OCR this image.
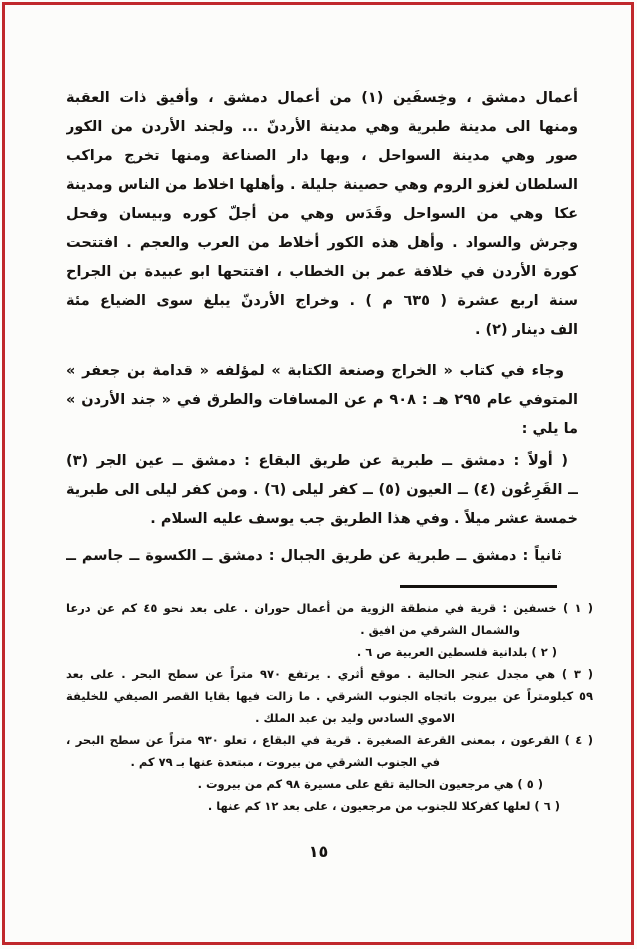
أعمال دمشق ، وخِسفَين (١) من أعمال دمشق ، وأفيق ذات العقبة
ومنها الى مدينة طبرية وهي مدينة الأردنّ ... ولجند الأردن من الكور
صور وهي مدينة السواحل ، وبها دار الصناعة ومنها تخرج مراكب
السلطان لغزو الروم وهي حصينة جليلة . وأهلها اخلاط من الناس ومدينة
عكا وهي من السواحل وقَدَس وهي من أجلّ كوره وبيسان وفحل
وجرش والسواد . وأهل هذه الكور أخلاط من العرب والعجم . افتتحت
كورة الأردن في خلافة عمر بن الخطاب ، افتتحها ابو عبيدة بن الجراح
سنة اربع عشرة ( ٦٣٥ م ) . وخراج الأردنّ يبلغ سوى الضياع مئة
الف دينار (٢) .
وجاء في كتاب « الخراج وصنعة الكتابة » لمؤلفه « قدامة بن جعفر »
المتوفي عام ٢٩٥ هـ : ٩٠٨ م عن المسافات والطرق في « جند الأردن »
ما يلي :
( أولاً : دمشق ــ طبرية عن طريق البقاع : دمشق ــ عين الجر (٣)
ــ القَرِعُون (٤) ــ العيون (٥) ــ كفر ليلى (٦) . ومن كفر ليلى الى طبرية
خمسة عشر ميلاً . وفي هذا الطريق جب يوسف عليه السلام .
ثانياً : دمشق ــ طبرية عن طريق الجبال : دمشق ــ الكسوة ــ جاسم ــ
( ١ ) خسفين : قرية في منطقة الزوية من أعمال حوران . على بعد نحو ٤٥ كم عن درعا
والشمال الشرقي من افيق .
( ٢ ) بلدانية فلسطين العربية ص ٦ .
( ٣ ) هي مجدل عنجر الحالية . موقع أثري . يرتفع ٩٧٠ متراً عن سطح البحر . على بعد
٥٩ كيلومتراً عن بيروت باتجاه الجنوب الشرقي . ما زالت فيها بقايا القصر الصيفي للخليفة
الاموي السادس وليد بن عبد الملك .
( ٤ ) القرعون ، بمعنى القرعة الصغيرة . قرية في البقاع ، تعلو ٩٣٠ متراً عن سطح البحر ،
في الجنوب الشرقي من بيروت ، مبتعدة عنها بـ ٧٩ كم .
( ٥ ) هي مرجعيون الحالية تقع على مسيرة ٩٨ كم من بيروت .
( ٦ ) لعلها كفركلا للجنوب من مرجعيون ، على بعد ١٢ كم عنها .
١٥
